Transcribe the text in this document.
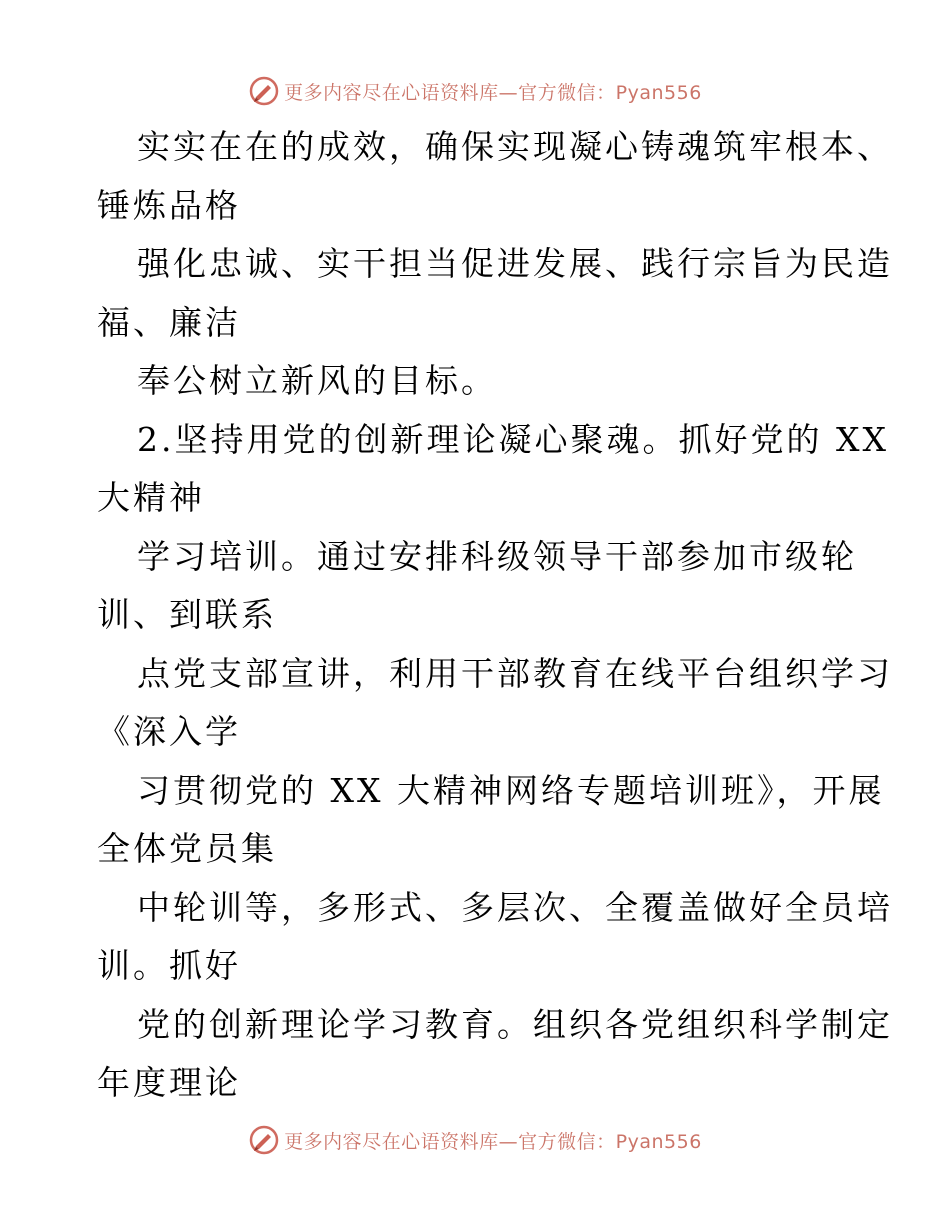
更多内容尽在心语资料库—官方微信：Pyan556
实实在在的成效，确保实现凝心铸魂筑牢根本、
锤炼品格
强化忠诚、实干担当促进发展、践行宗旨为民造
福、廉洁
奉公树立新风的目标。
2.坚持用党的创新理论凝心聚魂。抓好党的 XX
大精神
学习培训。通过安排科级领导干部参加市级轮
训、到联系
点党支部宣讲，利用干部教育在线平台组织学习
《深入学
习贯彻党的 XX 大精神网络专题培训班》，开展
全体党员集
中轮训等，多形式、多层次、全覆盖做好全员培
训。抓好
党的创新理论学习教育。组织各党组织科学制定
年度理论
更多内容尽在心语资料库—官方微信：Pyan556
